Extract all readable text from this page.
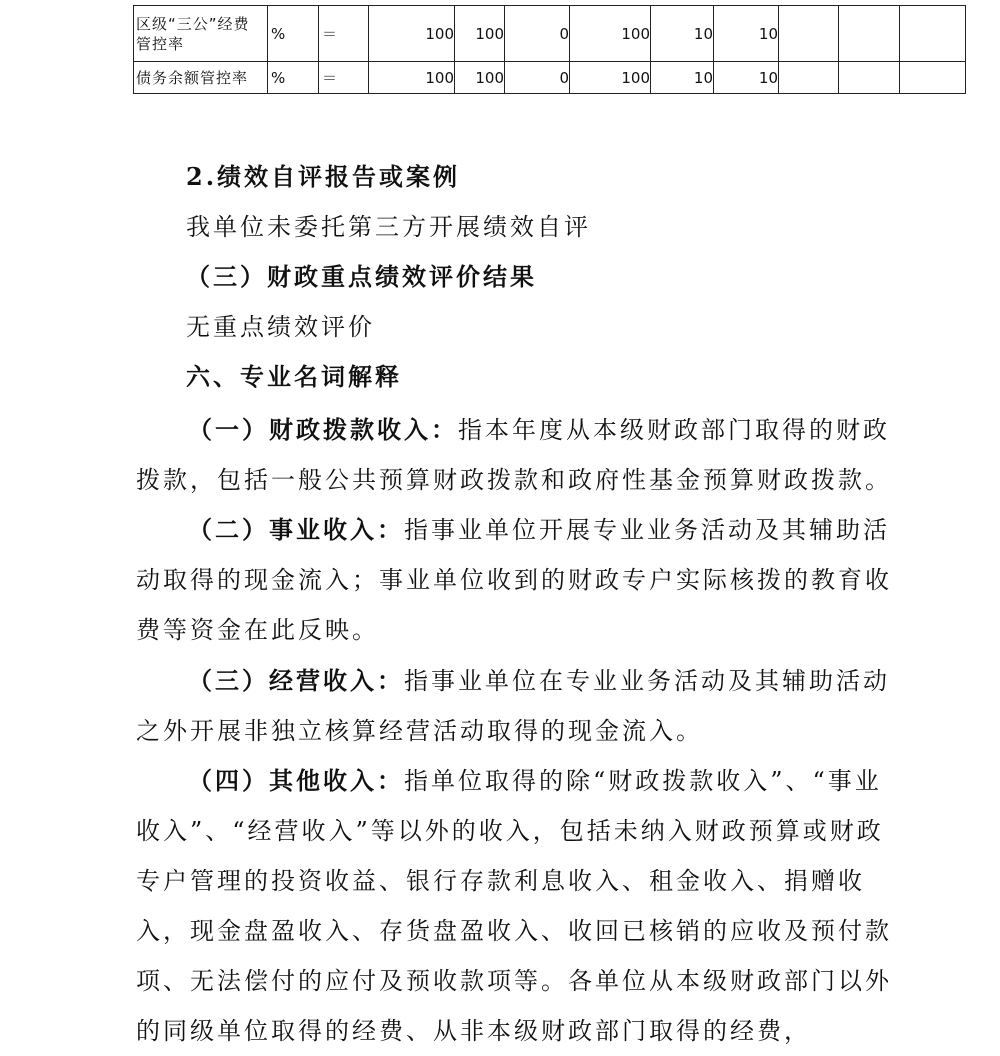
区级“三公”经费管控率	%	＝	100	100	0	100	10	10			
债务余额管控率	%	＝	100	100	0	100	10	10			

2.绩效自评报告或案例

我单位未委托第三方开展绩效自评

（三）财政重点绩效评价结果

无重点绩效评价

六、专业名词解释

（一）财政拨款收入：指本年度从本级财政部门取得的财政拨款，包括一般公共预算财政拨款和政府性基金预算财政拨款。

（二）事业收入：指事业单位开展专业业务活动及其辅助活动取得的现金流入；事业单位收到的财政专户实际核拨的教育收费等资金在此反映。

（三）经营收入：指事业单位在专业业务活动及其辅助活动之外开展非独立核算经营活动取得的现金流入。

（四）其他收入：指单位取得的除“财政拨款收入”、“事业收入”、“经营收入”等以外的收入，包括未纳入财政预算或财政专户管理的投资收益、银行存款利息收入、租金收入、捐赠收入，现金盘盈收入、存货盘盈收入、收回已核销的应收及预付款项、无法偿付的应付及预收款项等。各单位从本级财政部门以外的同级单位取得的经费、从非本级财政部门取得的经费，
